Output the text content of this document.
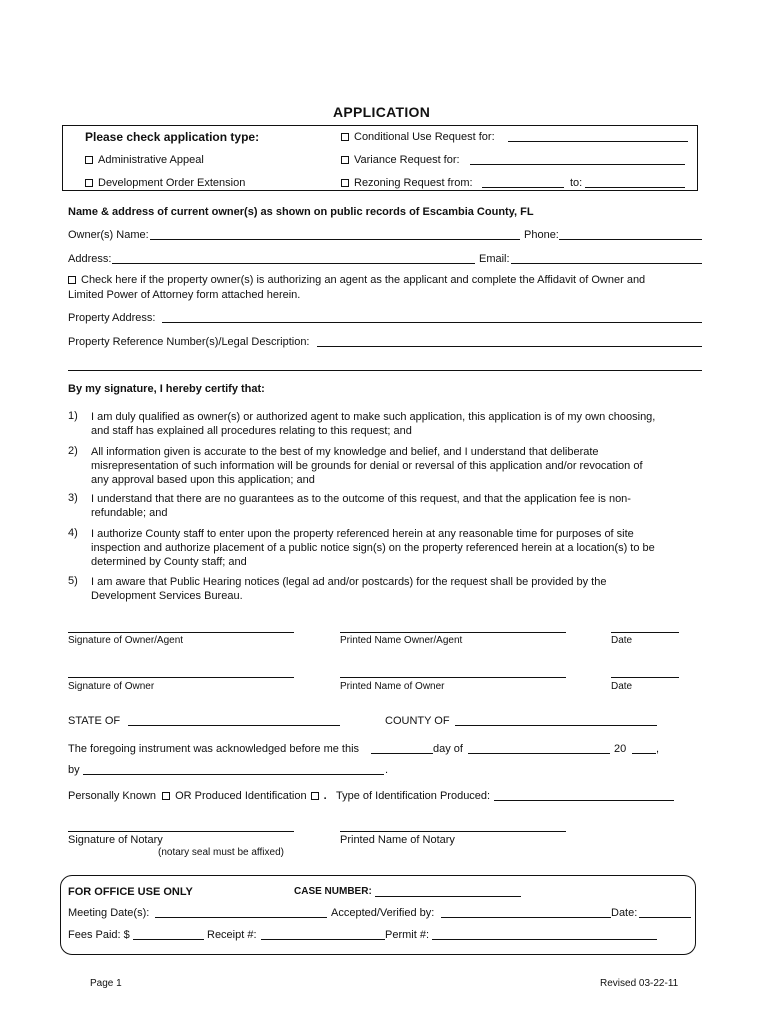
APPLICATION
Please check application type:
Administrative Appeal
Development Order Extension
Conditional Use Request for:
Variance Request for:
Rezoning Request from:	to:
Name & address of current owner(s) as shown on public records of Escambia County, FL
Owner(s) Name:	Phone:
Address:	Email:
Check here if the property owner(s) is authorizing an agent as the applicant and complete the Affidavit of Owner and
Limited Power of Attorney form attached herein.
Property Address:
Property Reference Number(s)/Legal Description:
By my signature, I hereby certify that:
1) I am duly qualified as owner(s) or authorized agent to make such application, this application is of my own choosing,
and staff has explained all procedures relating to this request; and
2) All information given is accurate to the best of my knowledge and belief, and I understand that deliberate
misrepresentation of such information will be grounds for denial or reversal of this application and/or revocation of
any approval based upon this application; and
3) I understand that there are no guarantees as to the outcome of this request, and that the application fee is non-
refundable; and
4) I authorize County staff to enter upon the property referenced herein at any reasonable time for purposes of site
inspection and authorize placement of a public notice sign(s) on the property referenced herein at a location(s) to be
determined by County staff; and
5) I am aware that Public Hearing notices (legal ad and/or postcards) for the request shall be provided by the
Development Services Bureau.
Signature of Owner/Agent	Printed Name Owner/Agent	Date
Signature of Owner	Printed Name of Owner	Date
STATE OF	COUNTY OF
The foregoing instrument was acknowledged before me this	day of	20	,
by	.
Personally Known OR Produced Identification . Type of Identification Produced:
Signature of Notary
(notary seal must be affixed)
Printed Name of Notary
FOR OFFICE USE ONLY	CASE NUMBER:
Meeting Date(s):	Accepted/Verified by:	Date:
Fees Paid: $	Receipt #:	Permit #:
Page 1	Revised 03-22-11
